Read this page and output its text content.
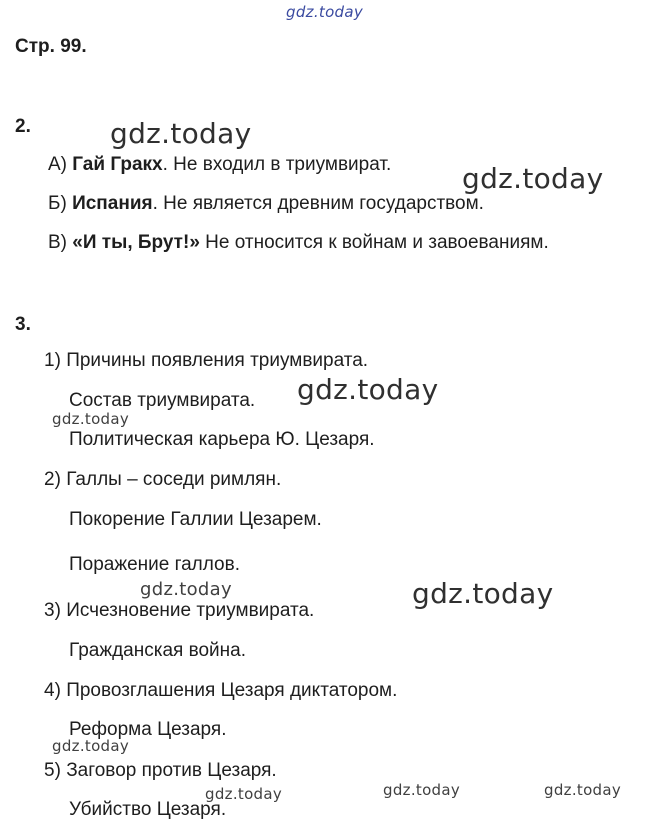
gdz.today
Стр. 99.
2.
А) Гай Гракх. Не входил в триумвират.
Б) Испания. Не является древним государством.
В) «И ты, Брут!» Не относится к войнам и завоеваниям.
3.
1) Причины появления триумвирата.
Состав триумвирата.
Политическая карьера Ю. Цезаря.
2) Галлы – соседи римлян.
Покорение Галлии Цезарем.
Поражение галлов.
3) Исчезновение триумвирата.
Гражданская война.
4) Провозглашения Цезаря диктатором.
Реформа Цезаря.
5) Заговор против Цезаря.
Убийство Цезаря.
gdz.today
gdz.today
gdz.today
gdz.today
gdz.today	gdz.today
gdz.today
gdz.today	gdz.today	gdz.today
